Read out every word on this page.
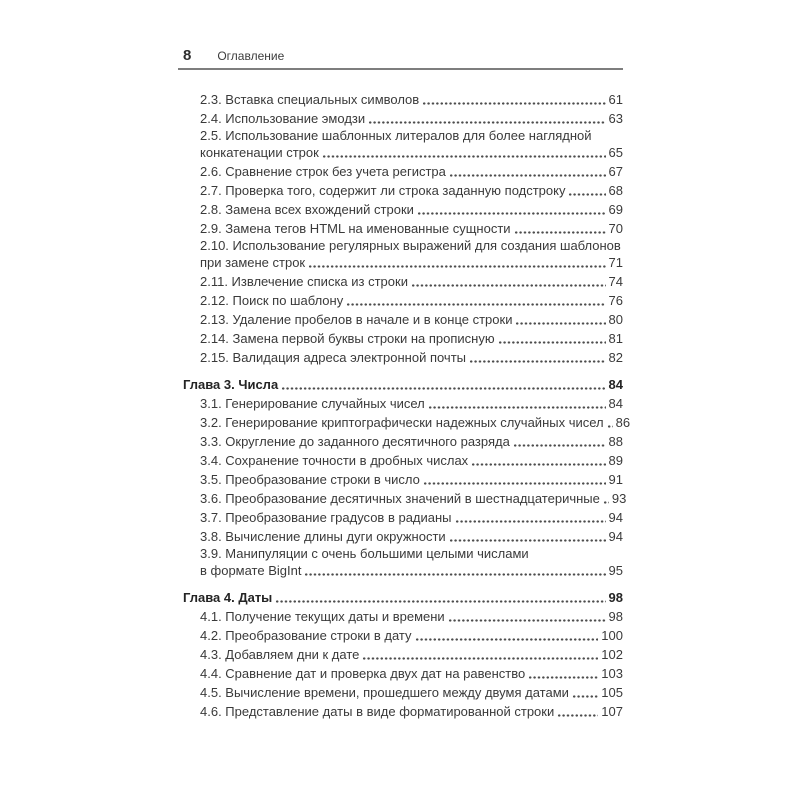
8 Оглавление
2.3. Вставка специальных символов	61
2.4. Использование эмодзи	63
2.5. Использование шаблонных литералов для более наглядной
конкатенации строк	65
2.6. Сравнение строк без учета регистра	67
2.7. Проверка того, содержит ли строка заданную подстроку	68
2.8. Замена всех вхождений строки	69
2.9. Замена тегов HTML на именованные сущности	70
2.10. Использование регулярных выражений для создания шаблонов
при замене строк	71
2.11. Извлечение списка из строки	74
2.12. Поиск по шаблону	76
2.13. Удаление пробелов в начале и в конце строки	80
2.14. Замена первой буквы строки на прописную	81
2.15. Валидация адреса электронной почты	82
Глава 3. Числа	84
3.1. Генерирование случайных чисел	84
3.2. Генерирование криптографически надежных случайных чисел 86
3.3. Округление до заданного десятичного разряда	88
3.4. Сохранение точности в дробных числах	89
3.5. Преобразование строки в число	91
3.6. Преобразование десятичных значений в шестнадцатеричные 93
3.7. Преобразование градусов в радианы	94
3.8. Вычисление длины дуги окружности	94
3.9. Манипуляции с очень большими целыми числами
в формате BigInt	95
Глава 4. Даты	98
4.1. Получение текущих даты и времени	98
4.2. Преобразование строки в дату	100
4.3. Добавляем дни к дате	102
4.4. Сравнение дат и проверка двух дат на равенство	103
4.5. Вычисление времени, прошедшего между двумя датами 105
4.6. Представление даты в виде форматированной строки	107
